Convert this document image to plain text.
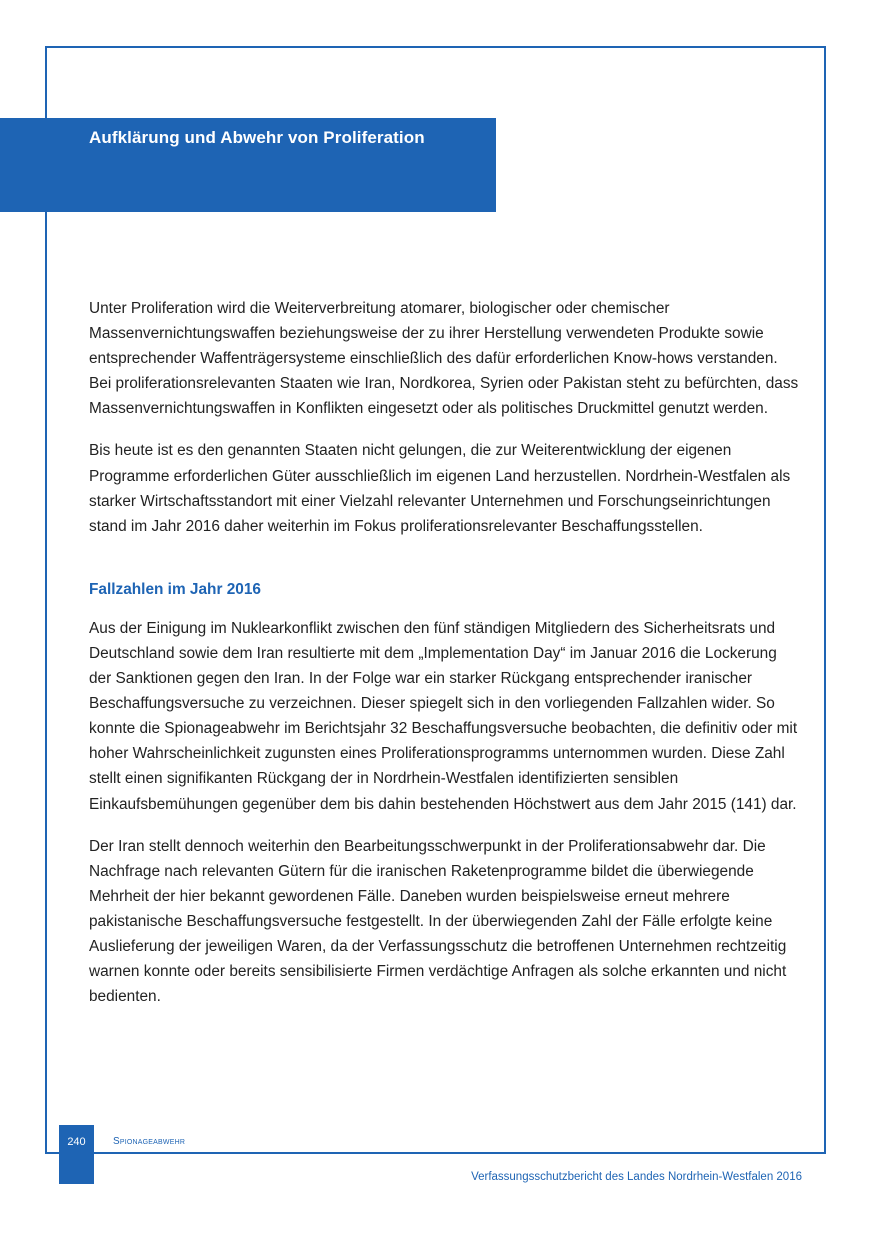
Aufklärung und Abwehr von Proliferation

Unter Proliferation wird die Weiterverbreitung atomarer, biologischer oder chemischer Massenvernichtungswaffen beziehungsweise der zu ihrer Herstellung verwendeten Produkte sowie entsprechender Waffenträgersysteme einschließlich des dafür erforderlichen Know-hows verstanden. Bei proliferationsrelevanten Staaten wie Iran, Nordkorea, Syrien oder Pakistan steht zu befürchten, dass Massenvernichtungswaffen in Konflikten eingesetzt oder als politisches Druckmittel genutzt werden.

Bis heute ist es den genannten Staaten nicht gelungen, die zur Weiterentwicklung der eigenen Programme erforderlichen Güter ausschließlich im eigenen Land herzustellen. Nordrhein-Westfalen als starker Wirtschaftsstandort mit einer Vielzahl relevanter Unternehmen und Forschungseinrichtungen stand im Jahr 2016 daher weiterhin im Fokus proliferationsrelevanter Beschaffungsstellen.

Fallzahlen im Jahr 2016

Aus der Einigung im Nuklearkonflikt zwischen den fünf ständigen Mitgliedern des Sicherheitsrats und Deutschland sowie dem Iran resultierte mit dem „Implementation Day“ im Januar 2016 die Lockerung der Sanktionen gegen den Iran. In der Folge war ein starker Rückgang entsprechender iranischer Beschaffungsversuche zu verzeichnen. Dieser spiegelt sich in den vorliegenden Fallzahlen wider. So konnte die Spionageabwehr im Berichtsjahr 32 Beschaffungsversuche beobachten, die definitiv oder mit hoher Wahrscheinlichkeit zugunsten eines Proliferationsprogramms unternommen wurden. Diese Zahl stellt einen signifikanten Rückgang der in Nordrhein-Westfalen identifizierten sensiblen Einkaufsbemühungen gegenüber dem bis dahin bestehenden Höchstwert aus dem Jahr 2015 (141) dar.

Der Iran stellt dennoch weiterhin den Bearbeitungsschwerpunkt in der Proliferationsabwehr dar. Die Nachfrage nach relevanten Gütern für die iranischen Raketenprogramme bildet die überwiegende Mehrheit der hier bekannt gewordenen Fälle. Daneben wurden beispielsweise erneut mehrere pakistanische Beschaffungsversuche festgestellt. In der überwiegenden Zahl der Fälle erfolgte keine Auslieferung der jeweiligen Waren, da der Verfassungsschutz die betroffenen Unternehmen rechtzeitig warnen konnte oder bereits sensibilisierte Firmen verdächtige Anfragen als solche erkannten und nicht bedienten.

240	Spionageabwehr
Verfassungsschutzbericht des Landes Nordrhein-Westfalen 2016
